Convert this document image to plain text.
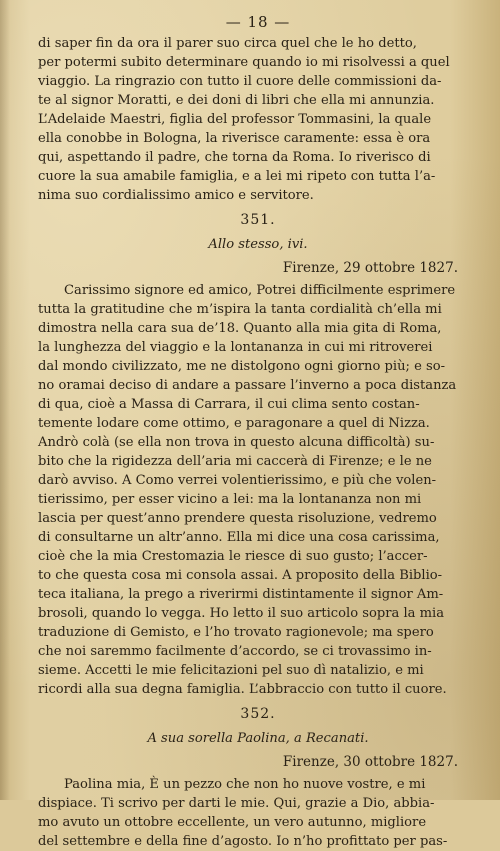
— 18 —

di saper fin da ora il parer suo circa quel che le ho detto,

per potermi subito determinare quando io mi risolvessi a quel

viaggio. La ringrazio con tutto il cuore delle commissioni da-

te al signor Moratti, e dei doni di libri che ella mi annunzia.

L’Adelaide Maestri, figlia del professor Tommasini, la quale

ella conobbe in Bologna, la riverisce caramente: essa è ora

qui, aspettando il padre, che torna da Roma. Io riverisco di

cuore la sua amabile famiglia, e a lei mi ripeto con tutta l’a-

nima suo cordialissimo amico e servitore.

351.
Allo stesso, ivi.
Firenze, 29 ottobre 1827.

Carissimo signore ed amico, Potrei difficilmente esprimere

tutta la gratitudine che m’ispira la tanta cordialità ch’ella mi

dimostra nella cara sua de’18. Quanto alla mia gita di Roma,

la lunghezza del viaggio e la lontananza in cui mi ritroverei

dal mondo civilizzato, me ne distolgono ogni giorno più; e so-

no oramai deciso di andare a passare l’inverno a poca distanza

di qua, cioè a Massa di Carrara, il cui clima sento costan-

temente lodare come ottimo, e paragonare a quel di Nizza.

Andrò colà (se ella non trova in questo alcuna difficoltà) su-

bito che la rigidezza dell’aria mi caccerà di Firenze; e le ne

darò avviso. A Como verrei volentierissimo, e più che volen-

tierissimo, per esser vicino a lei: ma la lontananza non mi

lascia per quest’anno prendere questa risoluzione, vedremo

di consultarne un altr’anno. Ella mi dice una cosa carissima,

cioè che la mia Crestomazia le riesce di suo gusto; l’accer-

to che questa cosa mi consola assai. A proposito della Biblio-

teca italiana, la prego a riverirmi distintamente il signor Am-

brosoli, quando lo vegga. Ho letto il suo articolo sopra la mia

traduzione di Gemisto, e l’ho trovato ragionevole; ma spero

che noi saremmo facilmente d’accordo, se ci trovassimo in-

sieme. Accetti le mie felicitazioni pel suo dì natalizio, e mi

ricordi alla sua degna famiglia. L’abbraccio con tutto il cuore.

352.
A sua sorella Paolina, a Recanati.
Firenze, 30 ottobre 1827.

Paolina mia, È un pezzo che non ho nuove vostre, e mi

dispiace. Ti scrivo per darti le mie. Qui, grazie a Dio, abbia-

mo avuto un ottobre eccellente, un vero autunno, migliore

del settembre e della fine d’agosto. Io n’ho profittato per pas-
